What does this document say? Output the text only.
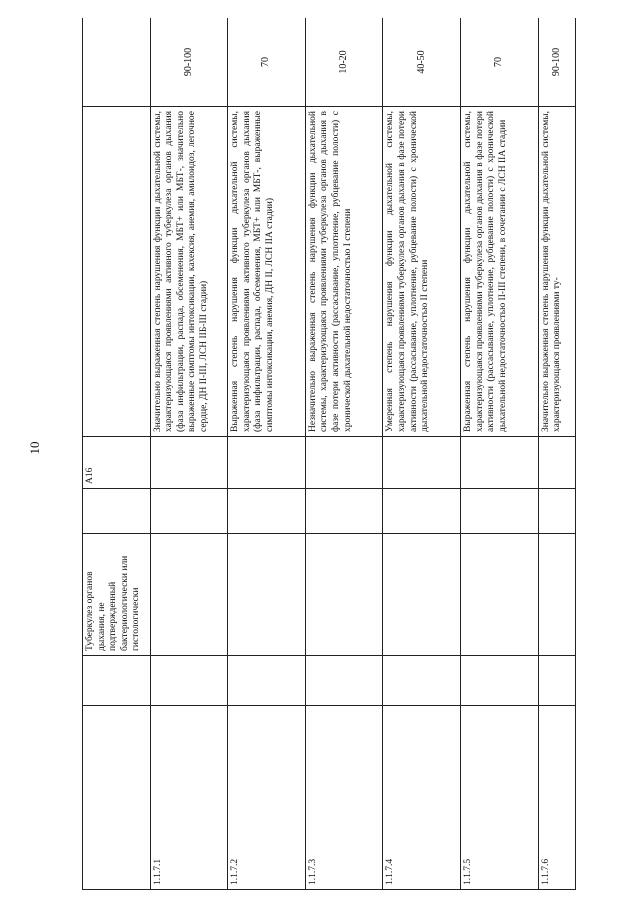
10
		Туберкулез органов дыхания, не подтвержденный бактериологически или гистологически		A16		
1.1.7.1					Значительно выраженная степень нарушения функции дыхательной системы, характеризующаяся проявлениями активного туберкулеза органов дыхания (фаза инфильтрации, распада, обсеменения, МБТ+ или МБТ-, значительно выраженные симптомы интоксикации, кахексия, анемия, амилоидоз, легочное сердце, ДН II-III, ЛСН IIБ-III стадии)	90-100
1.1.7.2					Выраженная степень нарушения функции дыхательной системы, характеризующаяся проявлениями активного туберкулеза органов дыхания (фаза инфильтрации, распада, обсеменения, МБТ+ или МБТ-, выраженные симптомы интоксикации, анемия, ДН II, ЛСН IIА стадии)	70
1.1.7.3					Незначительно выраженная степень нарушения функции дыхательной системы, характеризующаяся проявлениями туберкулеза органов дыхания в фазе потери активности (рассасывание, уплотнение, рубцевание полости) с хронической дыхательной недостаточностью I степени	10-20
1.1.7.4					Умеренная степень нарушения функции дыхательной системы, характеризующаяся проявлениями туберкулеза органов дыхания в фазе потери активности (рассасывание, уплотнение, рубцевание полости) с хронической дыхательной недостаточностью II степени	40-50
1.1.7.5					Выраженная степень нарушения функции дыхательной системы, характеризующаяся проявлениями туберкулеза органов дыхания в фазе потери активности (рассасывание, уплотнение, рубцевание полости) с хронической дыхательной недостаточностью II-III степени, в сочетании с ЛСН IIА стадии	70
1.1.7.6					Значительно выраженная степень нарушения функции дыхательной системы, характеризующаяся проявлениями ту-	90-100
